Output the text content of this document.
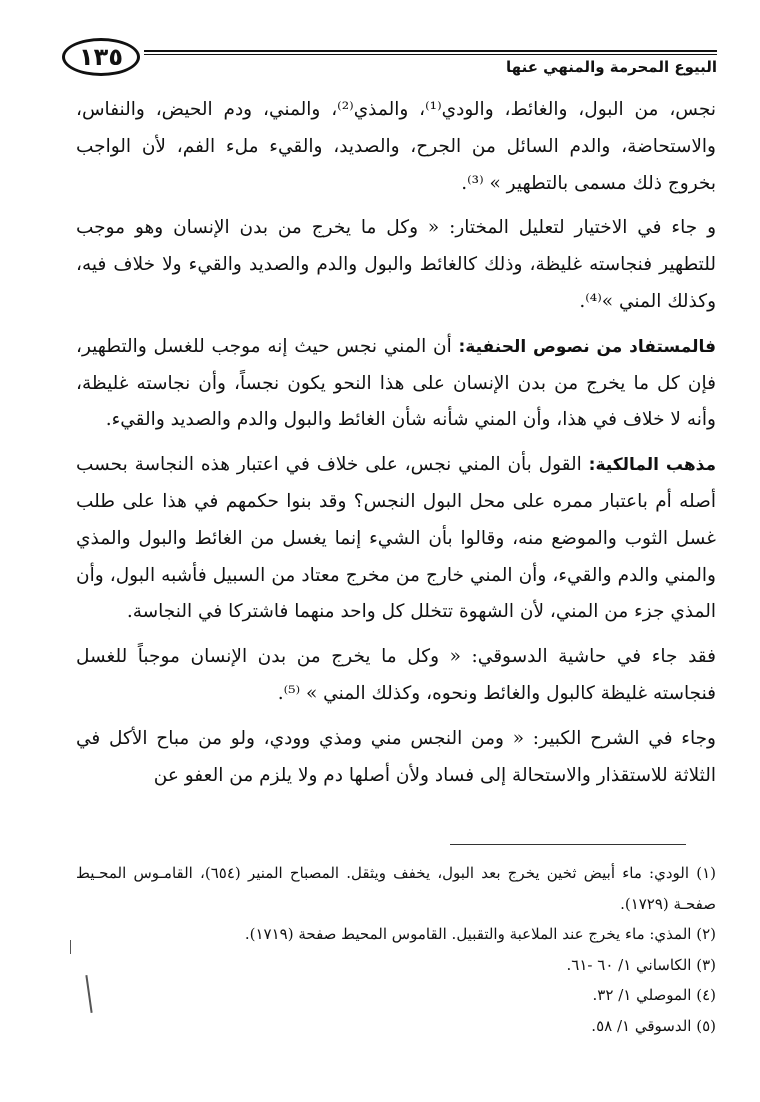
١٣٥	البيوع المحرمة والمنهي عنها

نجس، من البول، والغائط، والودي⁽¹⁾، والمذي⁽²⁾، والمني، ودم الحيض، والنفاس، والاستحاضة، والدم السائل من الجرح، والصديد، والقيء ملء الفم، لأن الواجب بخروج ذلك مسمى بالتطهير » ⁽³⁾.

و جاء في الاختيار لتعليل المختار: « وكل ما يخرج من بدن الإنسان وهو موجب للتطهير فنجاسته غليظة، وذلك كالغائط والبول والدم والصديد والقيء ولا خلاف فيه، وكذلك المني »⁽⁴⁾.

فالمستفاد من نصوص الحنفية: أن المني نجس حيث إنه موجب للغسل والتطهير، فإن كل ما يخرج من بدن الإنسان على هذا النحو يكون نجساً، وأن نجاسته غليظة، وأنه لا خلاف في هذا، وأن المني شأنه شأن الغائط والبول والدم والصديد والقيء.

مذهب المالكية: القول بأن المني نجس، على خلاف في اعتبار هذه النجاسة بحسب أصله أم باعتبار ممره على محل البول النجس؟ وقد بنوا حكمهم في هذا على طلب غسل الثوب والموضع منه، وقالوا بأن الشيء إنما يغسل من الغائط والبول والمذي والمني والدم والقيء، وأن المني خارج من مخرج معتاد من السبيل فأشبه البول، وأن المذي جزء من المني، لأن الشهوة تتخلل كل واحد منهما فاشتركا في النجاسة.

فقد جاء في حاشية الدسوقي: « وكل ما يخرج من بدن الإنسان موجباً للغسل فنجاسته غليظة كالبول والغائط ونحوه، وكذلك المني » ⁽⁵⁾.

وجاء في الشرح الكبير: « ومن النجس مني ومذي وودي، ولو من مباح الأكل في الثلاثة للاستقذار والاستحالة إلى فساد ولأن أصلها دم ولا يلزم من العفو عن

(١) الودي: ماء أبيض ثخين يخرج بعد البول، يخفف ويثقل. المصباح المنير (٦٥٤)، القامـوس المحـيط صفحـة (١٧٢٩).

(٢) المذي: ماء يخرج عند الملاعبة والتقبيل. القاموس المحيط صفحة (١٧١٩).

(٣) الكاساني ١/ ٦٠ -٦١.

(٤) الموصلي ١/ ٣٢.

(٥) الدسوقي ١/ ٥٨.
